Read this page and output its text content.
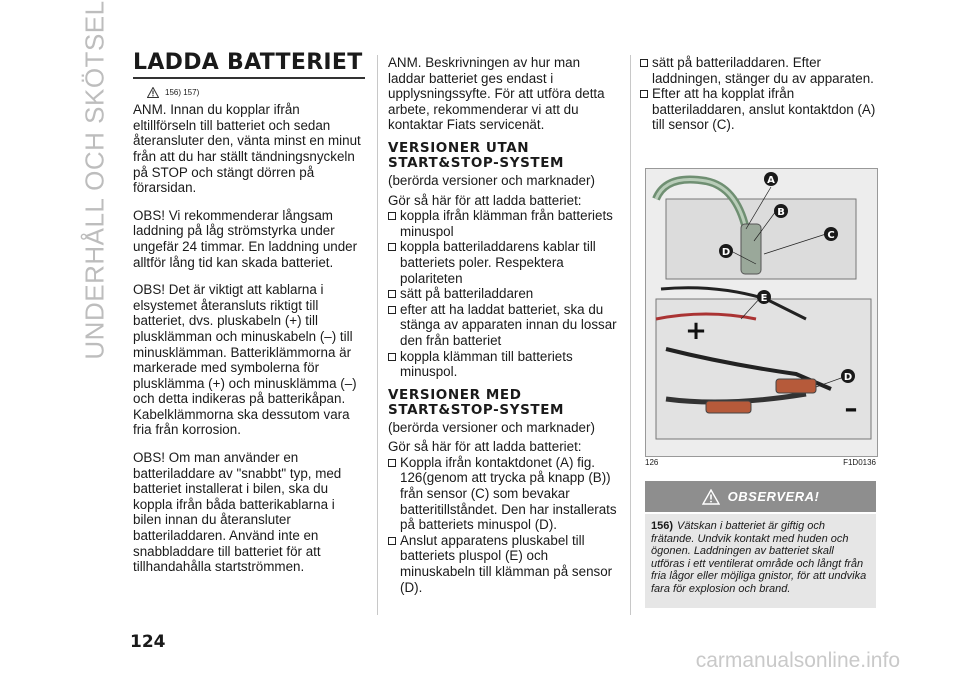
UNDERHÅLL OCH SKÖTSEL LADDA BATTERIET
156) 157)

ANM. Innan du kopplar ifrån eltillförseln till batteriet och sedan återansluter den, vänta minst en minut från att du har ställt tändningsnyckeln på STOP och stängt dörren på förarsidan.

OBS! Vi rekommenderar långsam laddning på låg strömstyrka under ungefär 24 timmar. En laddning under alltför lång tid kan skada batteriet.

OBS! Det är viktigt att kablarna i elsystemet återansluts riktigt till batteriet, dvs. pluskabeln (+) till plusklämman och minuskabeln (–) till minusklämman. Batteriklämmorna är markerade med symbolerna för plusklämma (+) och minusklämma (–) och detta indikeras på batterikåpan. Kabelklämmorna ska dessutom vara fria från korrosion.

OBS! Om man använder en batteriladdare av "snabbt" typ, med batteriet installerat i bilen, ska du koppla ifrån båda batterikablarna i bilen innan du återansluter batteriladdaren. Använd inte en snabbladdare till batteriet för att tillhandahålla startströmmen.

ANM. Beskrivningen av hur man laddar batteriet ges endast i upplysningssyfte. För att utföra detta arbete, rekommenderar vi att du kontaktar Fiats servicenät.

VERSIONER UTAN START&STOP-SYSTEM
(berörda versioner och marknader)
Gör så här för att ladda batteriet:
koppla ifrån klämman från batteriets minuspol
koppla batteriladdarens kablar till batteriets poler. Respektera polariteten
sätt på batteriladdaren
efter att ha laddat batteriet, ska du stänga av apparaten innan du lossar den från batteriet
koppla klämman till batteriets minuspol.
VERSIONER MED START&STOP-SYSTEM
(berörda versioner och marknader)
Gör så här för att ladda batteriet:
Koppla ifrån kontaktdonet (A) fig. 126(genom att trycka på knapp (B)) från sensor (C) som bevakar batteritillståndet. Den har installerats på batteriets minuspol (D).
Anslut apparatens pluskabel till batteriets pluspol (E) och minuskabeln till klämman på sensor (D).
sätt på batteriladdaren. Efter laddningen, stänger du av apparaten.
Efter att ha kopplat ifrån batteriladdaren, anslut kontaktdon (A) till sensor (C).
A
B
C
D
E
D
+
–
126	F1D0136
OBSERVERA!
156) Vätskan i batteriet är giftig och frätande. Undvik kontakt med huden och ögonen. Laddningen av batteriet skall utföras i ett ventilerat område och långt från fria lågor eller möjliga gnistor, för att undvika fara för explosion och brand.
124
carmanualsonline.info
